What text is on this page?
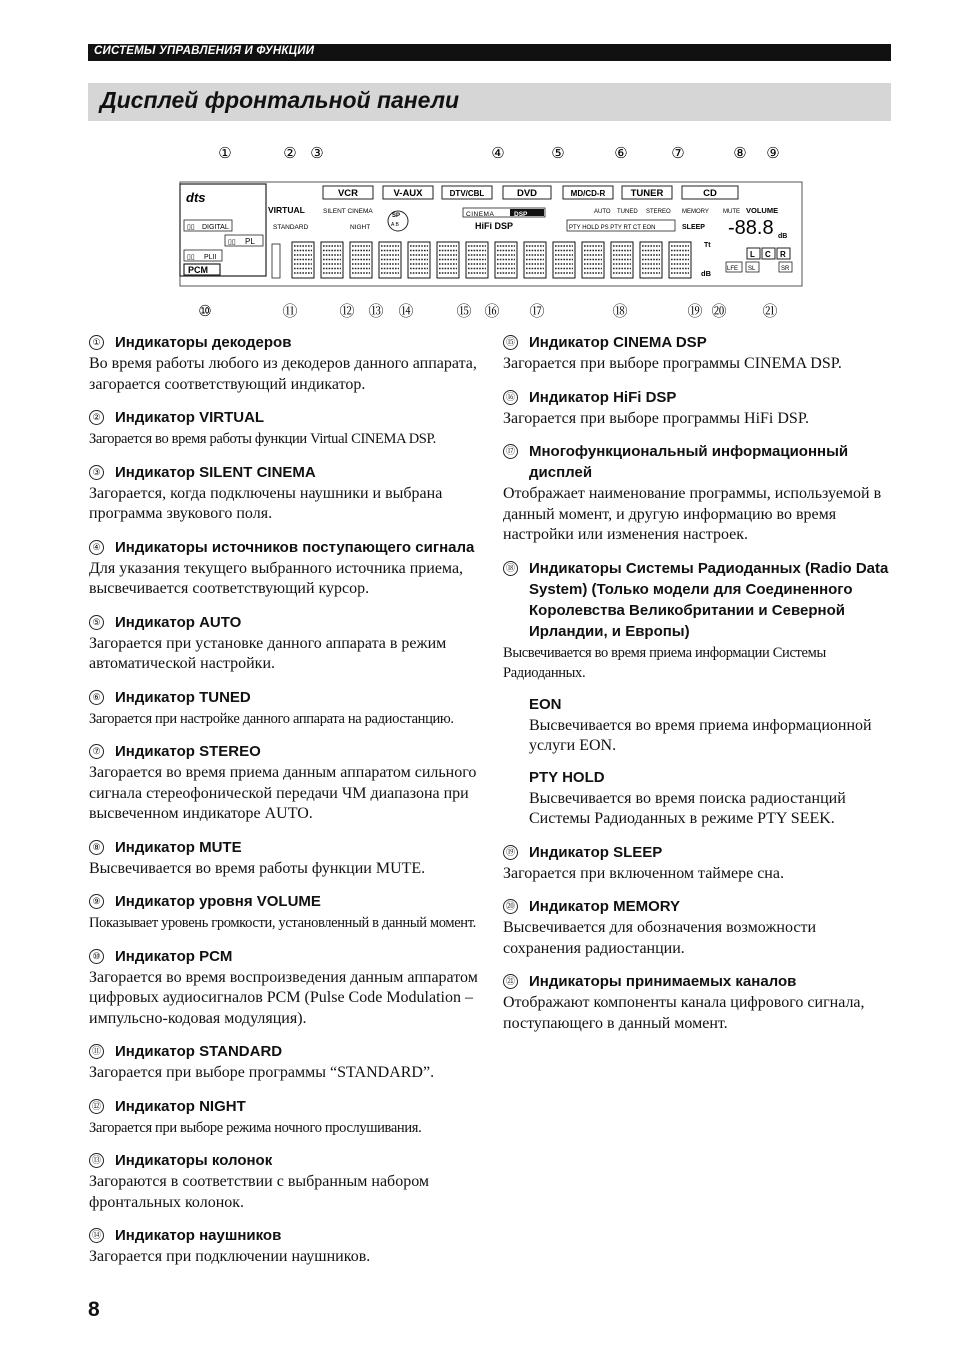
СИСТЕМЫ УПРАВЛЕНИЯ И ФУНКЦИИ
Дисплей фронтальной панели
①	② ③	④	⑤	⑥	⑦	⑧ ⑨
⑩	⑪	⑫ ⑬ ⑭	⑮ ⑯ ⑰	⑱	⑲ ⑳ ㉑
dts
DIGITAL
▯▯
▯▯ PL
▯▯ PLII
PCM
VIRTUAL	SILENT CINEMA
STANDARD	NIGHT
SP
A B
VCR	V-AUX	DTV/CBL	DVD	MD/CD-R	TUNER	CD
AUTO TUNED STEREO MEMORY MUTE VOLUME
CINEMA	DSP
HiFi DSP	PTY HOLD PS PTY RT CT EON	SLEEP -88.8 dB
Tt
dB
L C R
LFE SL	SR
① Индикаторы декодеров
Во время работы любого из декодеров данного аппарата, загорается соответствующий индикатор.
② Индикатор VIRTUAL
Загорается во время работы функции Virtual CINEMA DSP.
③ Индикатор SILENT CINEMA
Загорается, когда подключены наушники и выбрана программа звукового поля.
④ Индикаторы источников поступающего сигнала
Для указания текущего выбранного источника приема, высвечивается соответствующий курсор.
⑤ Индикатор AUTO
Загорается при установке данного аппарата в режим автоматической настройки.
⑥ Индикатор TUNED
Загорается при настройке данного аппарата на радиостанцию.
⑦ Индикатор STEREO
Загорается во время приема данным аппаратом сильного сигнала стереофонической передачи ЧМ диапазона при высвеченном индикаторе AUTO.
⑧ Индикатор MUTE
Высвечивается во время работы функции MUTE.
⑨ Индикатор уровня VOLUME
Показывает уровень громкости, установленный в данный момент.
⑩ Индикатор PCM
Загорается во время воспроизведения данным аппаратом цифровых аудиосигналов PCM (Pulse Code Modulation – импульсно-кодовая модуляция).
⑪ Индикатор STANDARD
Загорается при выборе программы “STANDARD”.
⑫ Индикатор NIGHT
Загорается при выборе режима ночного прослушивания.
⑬ Индикаторы колонок
Загораются в соответствии с выбранным набором фронтальных колонок.
⑭ Индикатор наушников
Загорается при подключении наушников.
⑮ Индикатор CINEMA DSP
Загорается при выборе программы CINEMA DSP.
⑯ Индикатор HiFi DSP
Загорается при выборе программы HiFi DSP.
⑰ Многофункциональный информационный дисплей
Отображает наименование программы, используемой в данный момент, и другую информацию во время настройки или изменения настроек.
⑱ Индикаторы Системы Радиоданных (Radio Data System) (Только модели для Соединенного Королевства Великобритании и Северной Ирландии, и Европы)
Высвечивается во время приема информации Системы Радиоданных.
EON
Высвечивается во время приема информационной услуги EON.
PTY HOLD
Высвечивается во время поиска радиостанций Системы Радиоданных в режиме PTY SEEK.
⑲ Индикатор SLEEP
Загорается при включенном таймере сна.
⑳ Индикатор MEMORY
Высвечивается для обозначения возможности сохранения радиостанции.
㉑ Индикаторы принимаемых каналов
Отображают компоненты канала цифрового сигнала, поступающего в данный момент.
8
